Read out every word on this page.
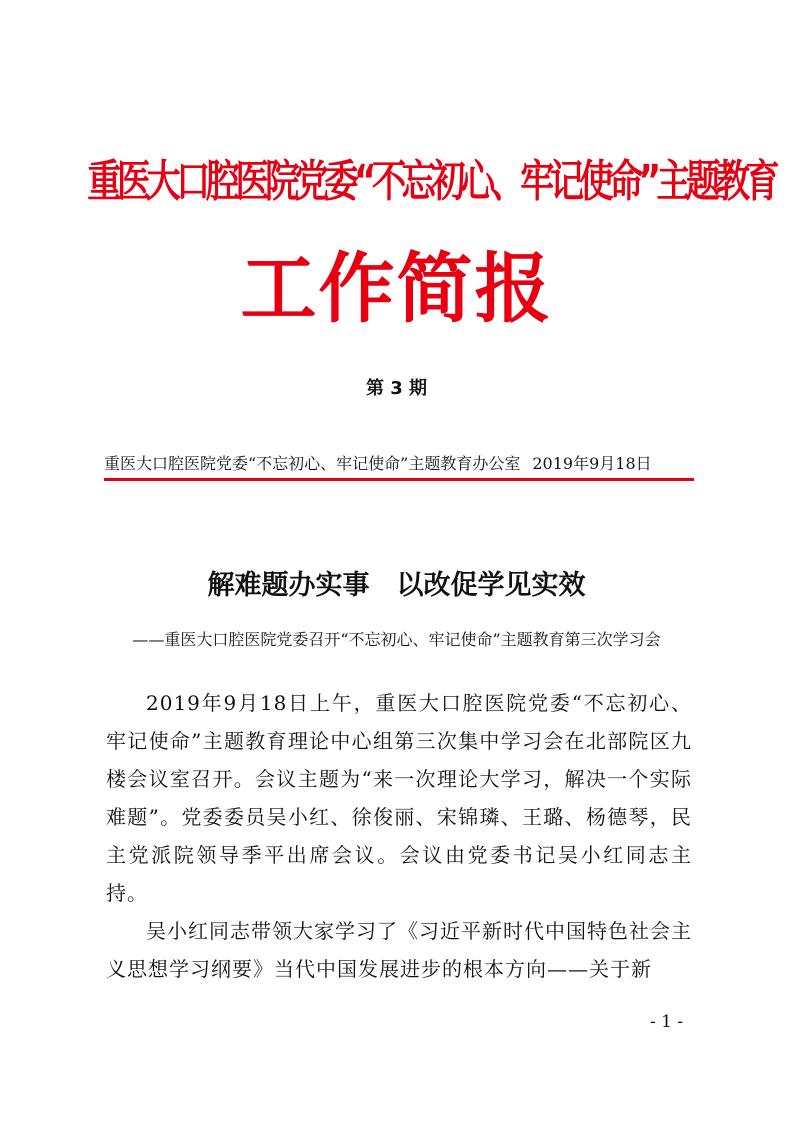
重医大口腔医院党委“不忘初心、牢记使命”主题教育
工作简报
第 3 期
重医大口腔医院党委“不忘初心、牢记使命”主题教育办公室 2019年9月18日
解难题办实事　以改促学见实效
——重医大口腔医院党委召开“不忘初心、牢记使命”主题教育第三次学习会

2019年9月18日上午，重医大口腔医院党委“不忘初心、牢记使命”主题教育理论中心组第三次集中学习会在北部院区九楼会议室召开。会议主题为“来一次理论大学习，解决一个实际难题”。党委委员吴小红、徐俊丽、宋锦璘、王璐、杨德琴，民主党派院领导季平出席会议。会议由党委书记吴小红同志主持。

吴小红同志带领大家学习了《习近平新时代中国特色社会主义思想学习纲要》当代中国发展进步的根本方向——关于新

- 1 -
